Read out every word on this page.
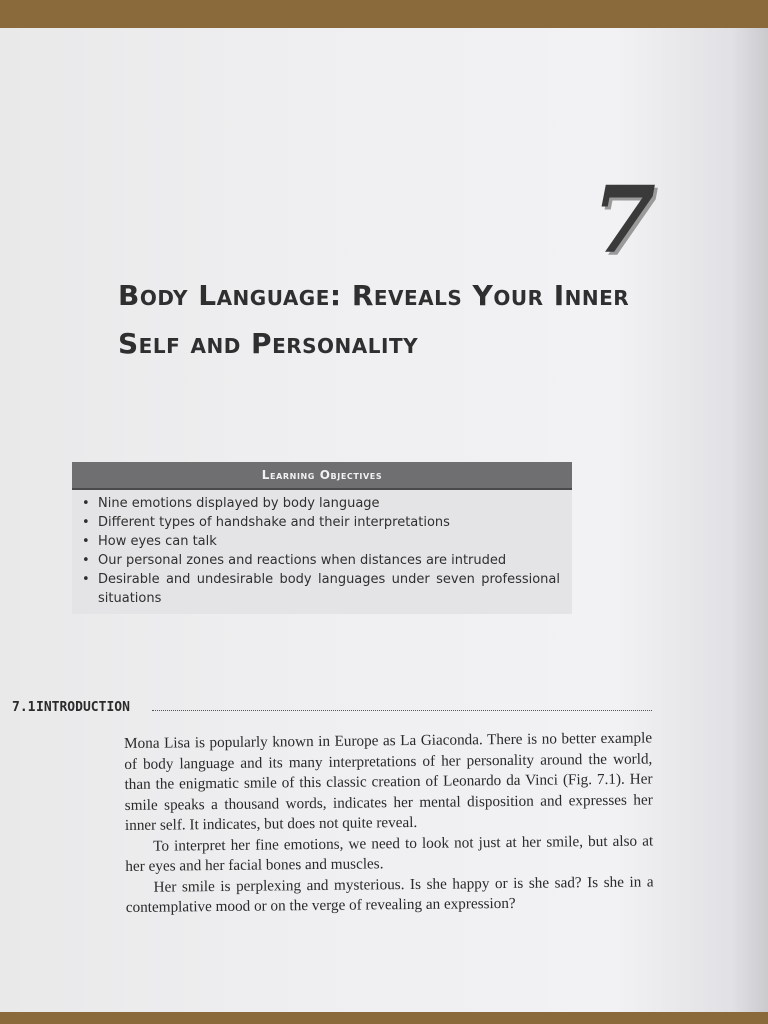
7
Body Language: Reveals Your Inner Self and Personality
Learning Objectives
• Nine emotions displayed by body language
• Different types of handshake and their interpretations
• How eyes can talk
• Our personal zones and reactions when distances are intruded
• Desirable and undesirable body languages under seven professional situations
7.1 INTRODUCTION

Mona Lisa is popularly known in Europe as La Giaconda. There is no better example of body language and its many interpretations of her personality around the world, than the enigmatic smile of this classic creation of Leonardo da Vinci (Fig. 7.1). Her smile speaks a thousand words, indicates her mental disposition and expresses her inner self. It indicates, but does not quite reveal.

To interpret her fine emotions, we need to look not just at her smile, but also at her eyes and her facial bones and muscles.

Her smile is perplexing and mysterious. Is she happy or is she sad? Is she in a contemplative mood or on the verge of revealing an expression?
